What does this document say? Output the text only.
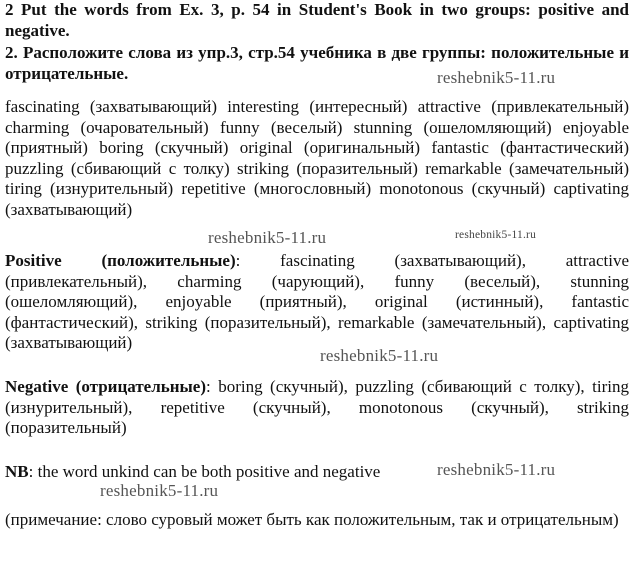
2 Put the words from Ex. 3, p. 54 in Student's Book in two groups: positive and negative.

2. Расположите слова из упр.3, стр.54 учебника в две группы: положительные и отрицательные.

fascinating (захватывающий) interesting (интересный) attractive (привлекательный) charming (очаровательный) funny (веселый) stunning (ошеломляющий) enjoyable (приятный) boring (скучный) original (оригинальный) fantastic (фантастический) puzzling (сбивающий с толку) striking (поразительный) remarkable (замечательный) tiring (изнурительный) repetitive (многословный) monotonous (скучный) captivating (захватывающий)

Positive (положительные): fascinating (захватывающий), attractive (привлекательный), charming (чарующий), funny (веселый), stunning (ошеломляющий), enjoyable (приятный), original (истинный), fantastic (фантастический), striking (поразительный), remarkable (замечательный), captivating (захватывающий)

Negative (отрицательные): boring (скучный), puzzling (сбивающий с толку), tiring (изнурительный), repetitive (скучный), monotonous (скучный), striking (поразительный)

NB: the word unkind can be both positive and negative

(примечание: слово суровый может быть как положительным, так и отрицательным)

reshebnik5-11.ru
reshebnik5-11.ru	reshebnik5-11.ru
reshebnik5-11.ru
reshebnik5-11.ru
reshebnik5-11.ru
